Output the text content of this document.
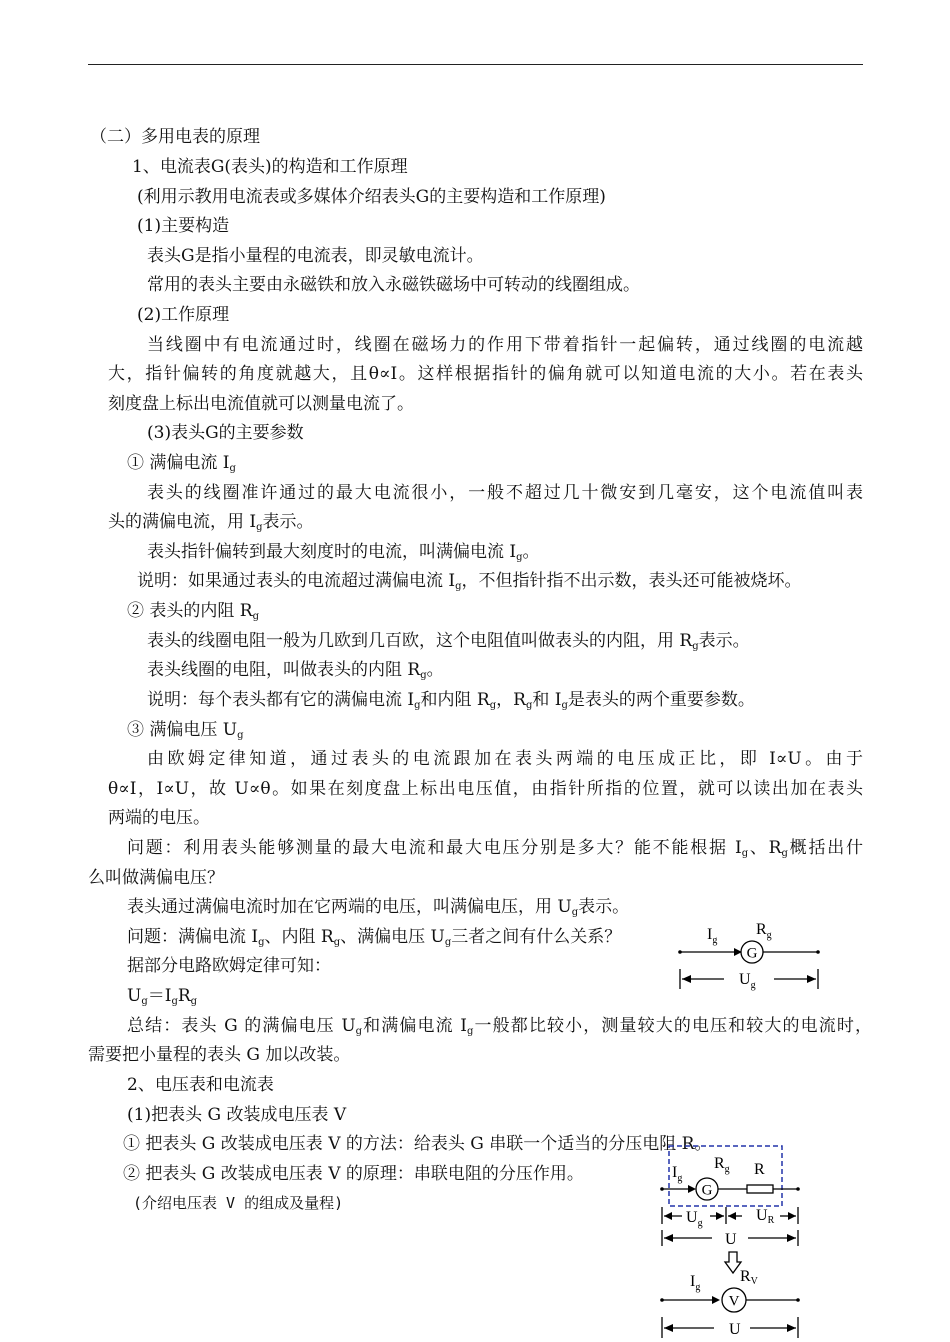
（二）多用电表的原理
1、电流表G(表头)的构造和工作原理
(利用示教用电流表或多媒体介绍表头G的主要构造和工作原理)
(1)主要构造
表头G是指小量程的电流表，即灵敏电流计。
常用的表头主要由永磁铁和放入永磁铁磁场中可转动的线圈组成。
(2)工作原理
当线圈中有电流通过时，线圈在磁场力的作用下带着指针一起偏转，通过线圈的电流越
大，指针偏转的角度就越大，且θ∝I。这样根据指针的偏角就可以知道电流的大小。若在表头
刻度盘上标出电流值就可以测量电流了。
(3)表头G的主要参数
① 满偏电流 $I_g$
表头的线圈准许通过的最大电流很小，一般不超过几十微安到几毫安，这个电流值叫表
头的满偏电流，用 $I_g$表示。
表头指针偏转到最大刻度时的电流，叫满偏电流 $I_g$。
说明：如果通过表头的电流超过满偏电流 $I_g$，不但指针指不出示数，表头还可能被烧坏。
② 表头的内阻 $R_g$
表头的线圈电阻一般为几欧到几百欧，这个电阻值叫做表头的内阻，用 $R_g$表示。
表头线圈的电阻，叫做表头的内阻 $R_g$。
说明：每个表头都有它的满偏电流 $I_g$和内阻 $R_g$，$R_g$和 $I_g$是表头的两个重要参数。
③ 满偏电压 $U_g$
由欧姆定律知道，通过表头的电流跟加在表头两端的电压成正比，即 I∝U。由于
θ∝I，I∝U，故 U∝θ。如果在刻度盘上标出电压值，由指针所指的位置，就可以读出加在表头
两端的电压。
问题：利用表头能够测量的最大电流和最大电压分别是多大？能不能根据 $I_g$、$R_g$概括出什
么叫做满偏电压？
表头通过满偏电流时加在它两端的电压，叫满偏电压，用 $U_g$表示。
问题：满偏电流 $I_g$、内阻 $R_g$、满偏电压 $U_g$三者之间有什么关系？
据部分电路欧姆定律可知：
$U_g=I_gR_g$
总结：表头 G 的满偏电压 $U_g$和满偏电流 $I_g$一般都比较小，测量较大的电压和较大的电流时，
需要把小量程的表头 G 加以改装。
2、电压表和电流表
(1)把表头 G 改装成电压表 V
① 把表头 G 改装成电压表 V 的方法：给表头 G 串联一个适当的分压电阻 R。
② 把表头 G 改装成电压表 V 的原理：串联电阻的分压作用。
(介绍电压表 V 的组成及量程)
G
$I_g$
$R_g$
$U_g$
G
$I_g$
$R_g$ R
$U_g$	UR
U
V
$I_g$
RV
U
